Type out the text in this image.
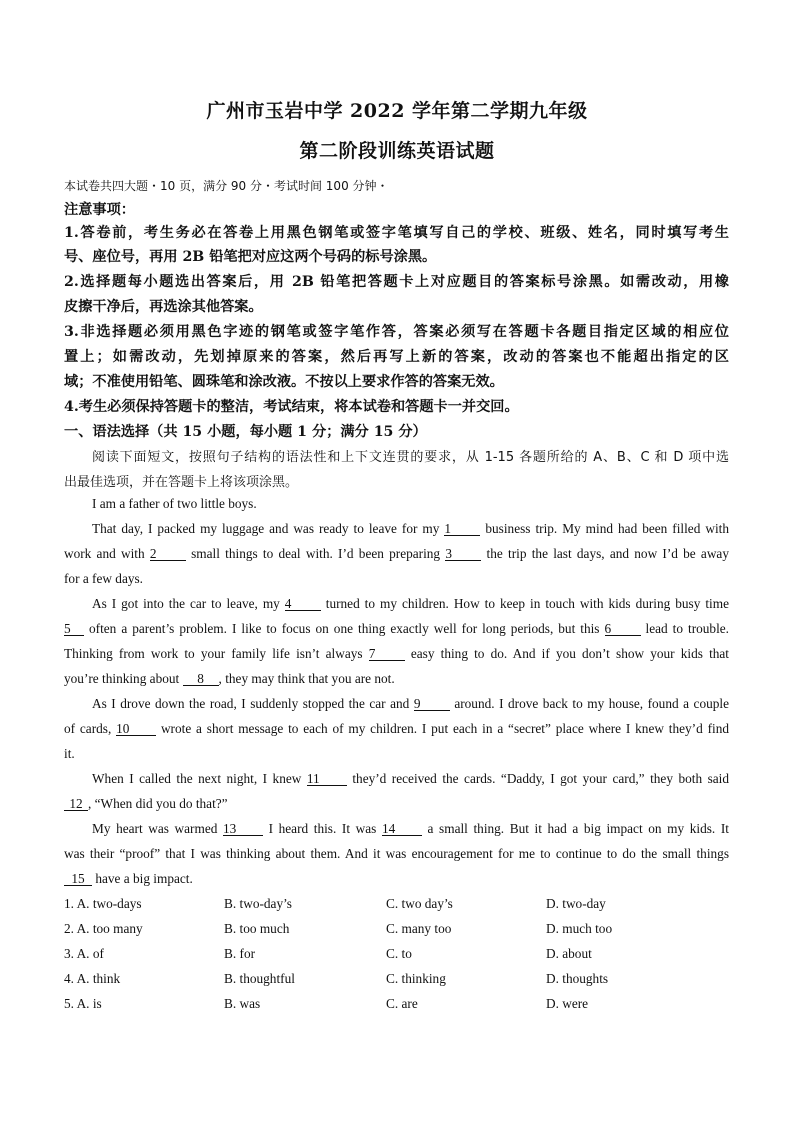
广州市玉岩中学 2022 学年第二学期九年级
第二阶段训练英语试题
本试卷共四大题・10 页，满分 90 分・考试时间 100 分钟・
注意事项：
1.答卷前，考生务必在答卷上用黑色钢笔或签字笔填写自己的学校、班级、姓名，同时填写考生
号、座位号，再用 2B 铅笔把对应这两个号码的标号涂黑。
2.选择题每小题选出答案后，用 2B 铅笔把答题卡上对应题目的答案标号涂黑。如需改动，用橡
皮擦干净后，再选涂其他答案。
3.非选择题必须用黑色字迹的钢笔或签字笔作答，答案必须写在答题卡各题目指定区域的相应位
置上；如需改动，先划掉原来的答案，然后再写上新的答案，改动的答案也不能超出指定的区
域；不准使用铅笔、圆珠笔和涂改液。不按以上要求作答的答案无效。
4.考生必须保持答题卡的整洁，考试结束，将本试卷和答题卡一并交回。
一、语法选择（共 15 小题，每小题 1 分；满分 15 分）
阅读下面短文，按照句子结构的语法性和上下文连贯的要求，从 1-15 各题所给的 A、B、C 和 D 项中选
出最佳选项，并在答题卡上将该项涂黑。
I am a father of two little boys.
That day, I packed my luggage and was ready to leave for my 1 business trip. My mind had been filled with
work and with 2 small things to deal with. I’d been preparing 3 the trip the last days, and now I’d be away
for a few days.
As I got into the car to leave, my 4 turned to my children. How to keep in touch with kids during busy time
5 often a parent’s problem. I like to focus on one thing exactly well for long periods, but this 6 lead to trouble.
Thinking from work to your family life isn’t always 7 easy thing to do. And if you don’t show your kids that
you’re thinking about 8 , they may think that you are not.
As I drove down the road, I suddenly stopped the car and 9 around. I drove back to my house, found a couple
of cards, 10 wrote a short message to each of my children. I put each in a “secret” place where I knew they’d find
it.
When I called the next night, I knew 11 they’d received the cards. “Daddy, I got your card,” they both said
12 , “When did you do that?”
My heart was warmed 13 I heard this. It was 14 a small thing. But it had a big impact on my kids. It
was their “proof” that I was thinking about them. And it was encouragement for me to continue to do the small things
15 have a big impact.
1. A. two-days	B. two-day’s	C. two day’s	D. two-day
2. A. too many	B. too much	C. many too	D. much too
3. A. of	B. for	C. to	D. about
4. A. think	B. thoughtful	C. thinking	D. thoughts
5. A. is	B. was	C. are	D. were
